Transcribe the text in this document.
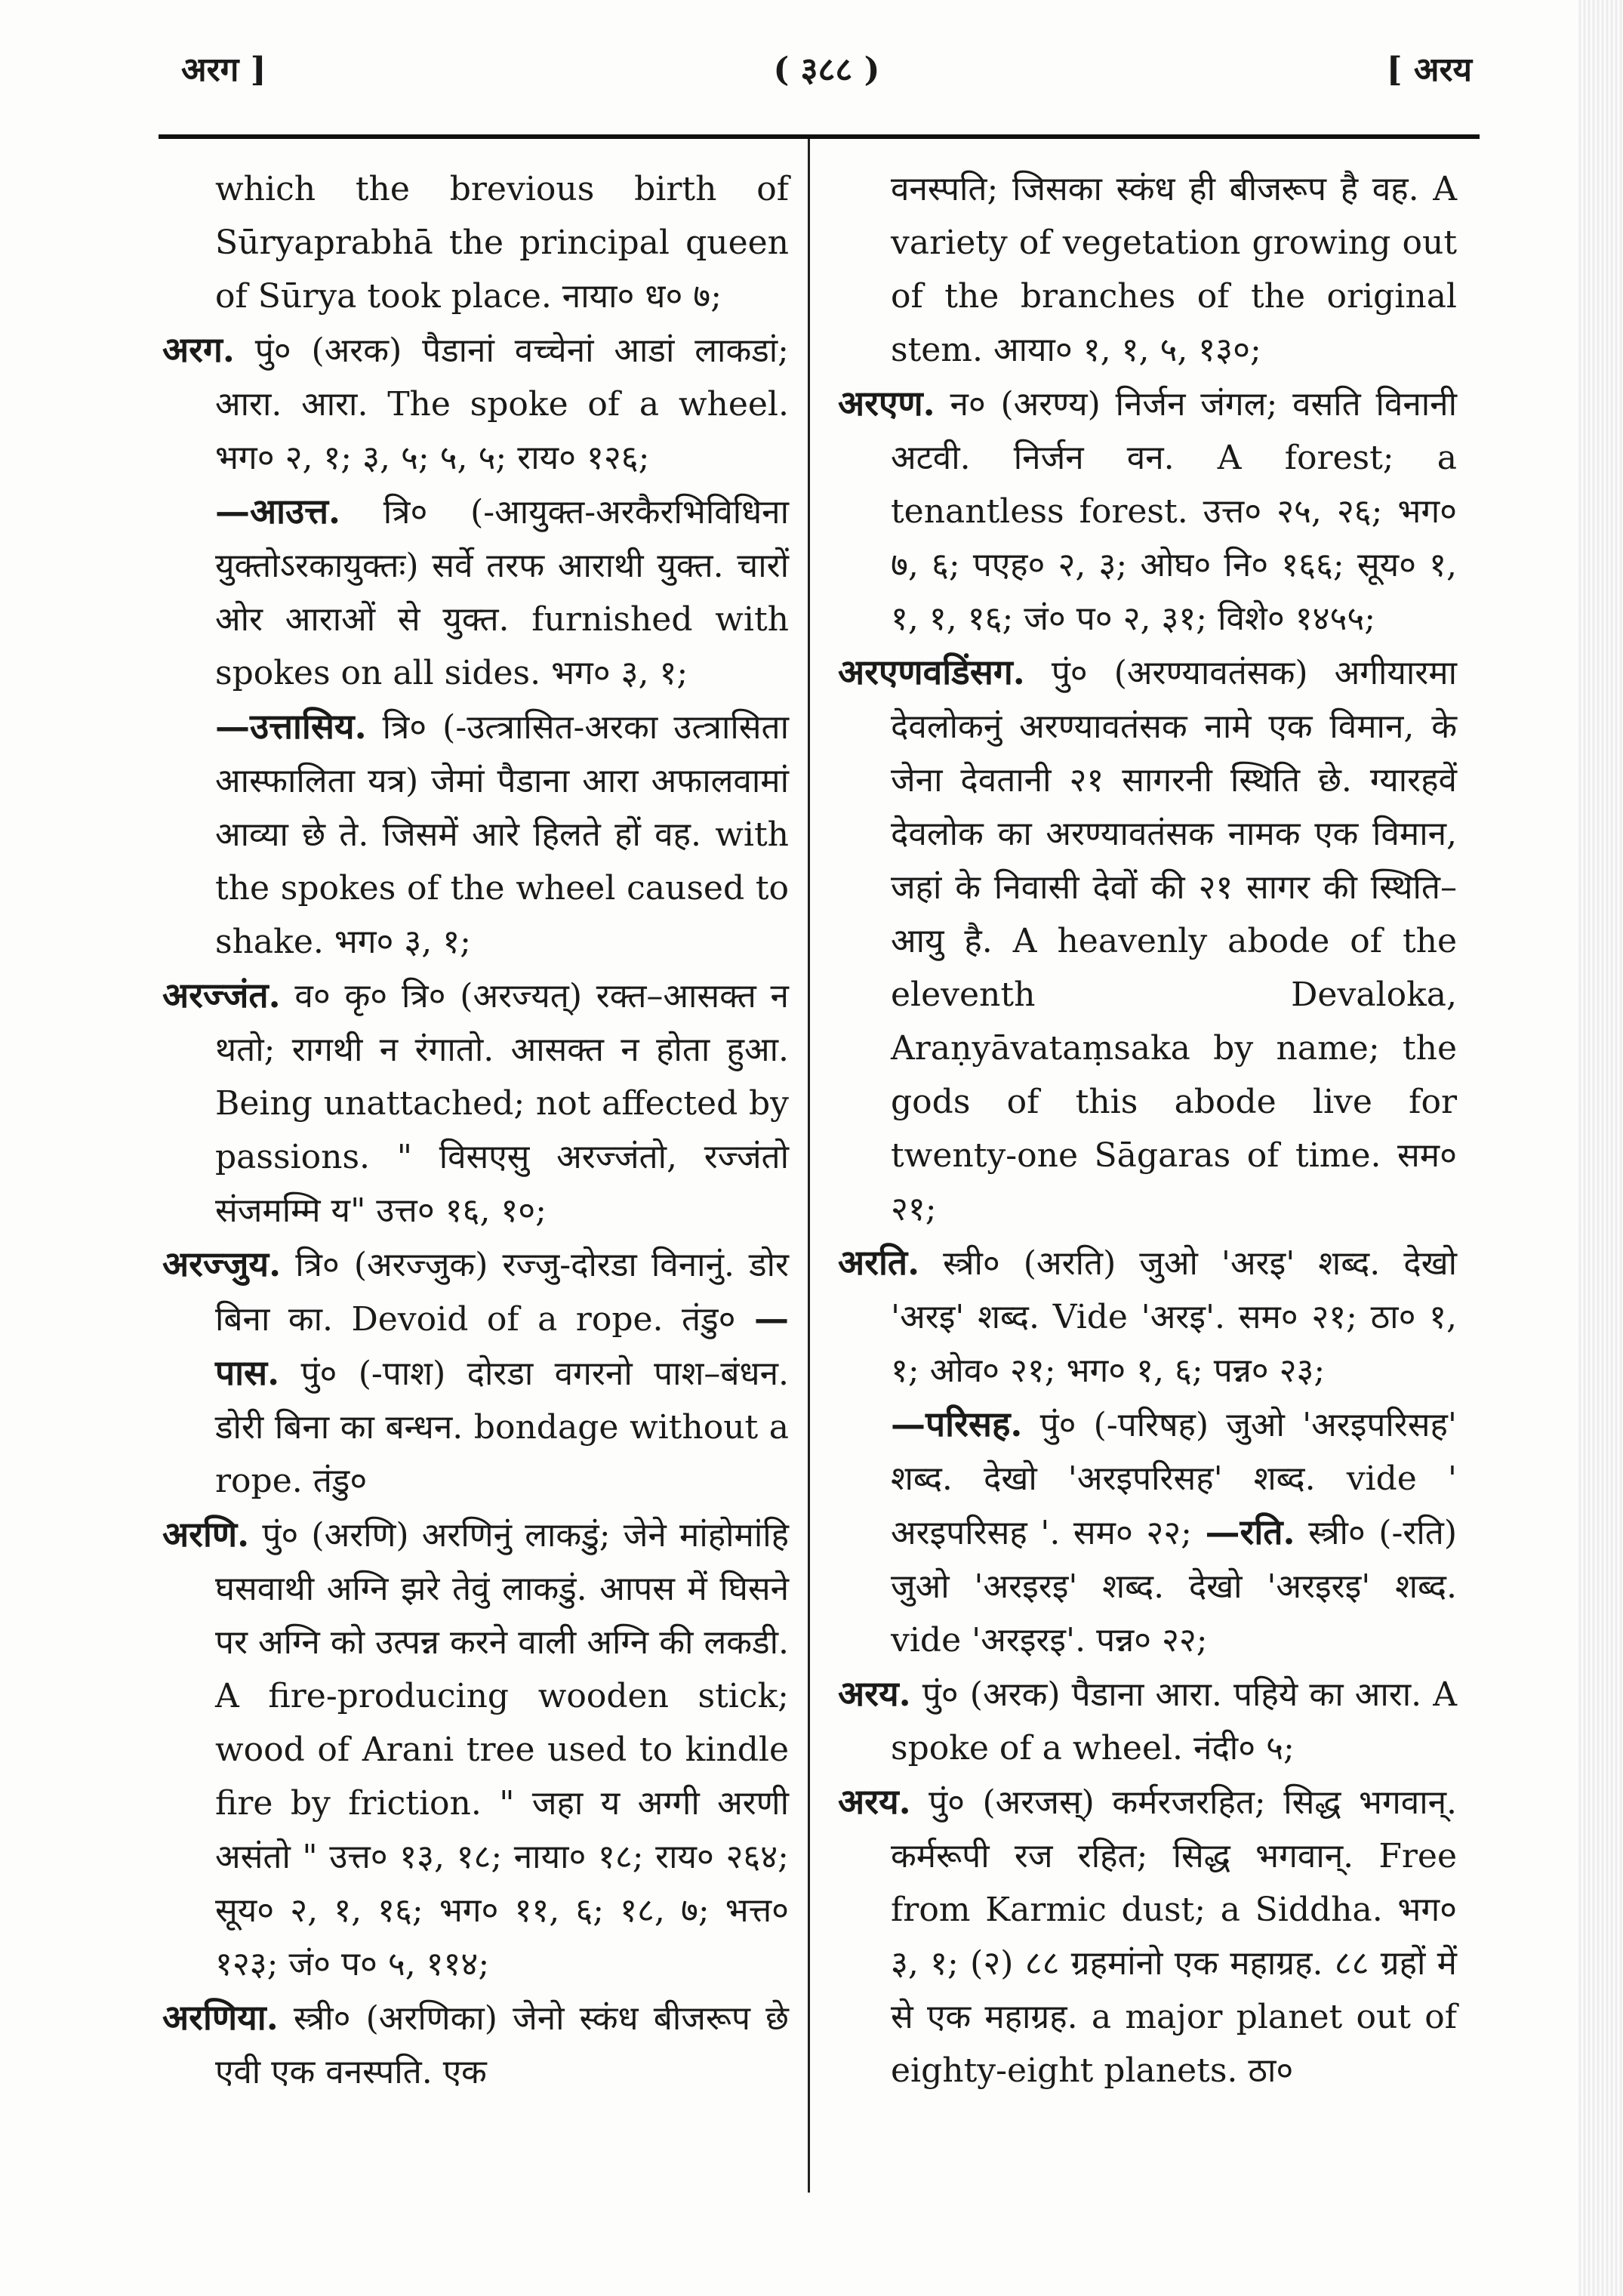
अरग ]	( ३८८ )	[ अरय

which the brevious birth of Sūryaprabhā the principal queen of Sūrya took place. नाया० ध० ७;

अरग. पुं० (अरक) पैडानां वच्चेनां आडां लाकडां; आरा. आरा. The spoke of a wheel. भग० २, १; ३, ५; ५, ५; राय० १२६;

—आउत्त. त्रि० (-आयुक्त-अरकैरभिविधिना युक्तोऽरकायुक्तः) सर्वे तरफ आराथी युक्त. चारों ओर आराओं से युक्त. furnished with spokes on all sides. भग० ३, १;

—उत्तासिय. त्रि० (-उत्त्रासित-अरका उत्त्रासिता आस्फालिता यत्र) जेमां पैडाना आरा अफालवामां आव्या छे ते. जिसमें आरे हिलते हों वह. with the spokes of the wheel caused to shake. भग० ३, १;

अरज्जंत. व० कृ० त्रि० (अरज्यत्) रक्त–आसक्त न थतो; रागथी न रंगातो. आसक्त न होता हुआ. Being unattached; not affected by passions. " विसएसु अरज्जंतो, रज्जंतो संजमम्मि य" उत्त० १६, १०;

अरज्जुय. त्रि० (अरज्जुक) रज्जु-दोरडा विनानुं. डोर बिना का. Devoid of a rope. तंडु० —पास. पुं० (-पाश) दोरडा वगरनो पाश–बंधन. डोरी बिना का बन्धन. bondage without a rope. तंडु०

अरणि. पुं० (अरणि) अरणिनुं लाकडुं; जेने मांहोमांहि घसवाथी अग्नि झरे तेवुं लाकडुं. आपस में घिसने पर अग्नि को उत्पन्न करने वाली अग्नि की लकडी. A fire-producing wooden stick; wood of Arani tree used to kindle fire by friction. " जहा य अग्गी अरणी असंतो " उत्त० १३, १८; नाया० १८; राय० २६४; सूय० २, १, १६; भग० ११, ६; १८, ७; भत्त० १२३; जं० प० ५, ११४;

अरणिया. स्त्री० (अरणिका) जेनो स्कंध बीजरूप छे एवी एक वनस्पति. एक

वनस्पति; जिसका स्कंध ही बीजरूप है वह. A variety of vegetation growing out of the branches of the original stem. आया० १, १, ५, १३०;

अरएण. न० (अरण्य) निर्जन जंगल; वसति विनानी अटवी. निर्जन वन. A forest; a tenantless forest. उत्त० २५, २६; भग० ७, ६; पएह० २, ३; ओघ० नि० १६६; सूय० १, १, १, १६; जं० प० २, ३१; विशे० १४५५;

अरएणवडिंसग. पुं० (अरण्यावतंसक) अगीयारमा देवलोकनुं अरण्यावतंसक नामे एक विमान, के जेना देवतानी २१ सागरनी स्थिति छे. ग्यारहवें देवलोक का अरण्यावतंसक नामक एक विमान, जहां के निवासी देवों की २१ सागर की स्थिति–आयु है. A heavenly abode of the eleventh Devaloka, Araṇyāvataṃsaka by name; the gods of this abode live for twenty-one Sāgaras of time. सम० २१;

अरति. स्त्री० (अरति) जुओ 'अरइ' शब्द. देखो 'अरइ' शब्द. Vide 'अरइ'. सम० २१; ठा० १, १; ओव० २१; भग० १, ६; पन्न० २३;

—परिसह. पुं० (-परिषह) जुओ 'अरइपरिसह' शब्द. देखो 'अरइपरिसह' शब्द. vide ' अरइपरिसह '. सम० २२; —रति. स्त्री० (-रति) जुओ 'अरइरइ' शब्द. देखो 'अरइरइ' शब्द. vide 'अरइरइ'. पन्न० २२;

अरय. पुं० (अरक) पैडाना आरा. पहिये का आरा. A spoke of a wheel. नंदी० ५;

अरय. पुं० (अरजस्) कर्मरजरहित; सिद्ध भगवान्. कर्मरूपी रज रहित; सिद्ध भगवान्. Free from Karmic dust; a Siddha. भग० ३, १; (२) ८८ ग्रहमांनो एक महाग्रह. ८८ ग्रहों में से एक महाग्रह. a major planet out of eighty-eight planets. ठा०
